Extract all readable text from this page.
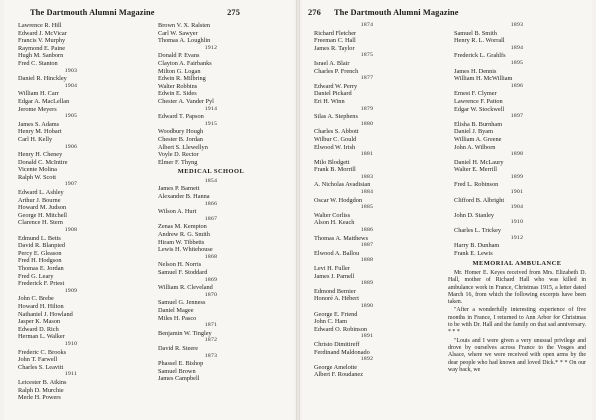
The Dartmouth Alumni Magazine	275
Lawrence R. Hill
Edward J. McVicar
Francis V. Murphy
Raymond E. Paine
Hugh M. Sanborn
Fred C. Stanton
1903
Daniel R. Hinckley
1904
William H. Carr
Edgar A. MacLellan
Jerome Meyers
1905
James S. Adams
Henry M. Hobart
Carl H. Kelly
1906
Henry H. Cheney
Donald C. McIntire
Vicente Molina
Ralph W. Scott
1907
Edward L. Ashley
Arthur J. Bourne
Howard M. Judson
George H. Mitchell
Clarence H. Stern
1908
Edmund L. Betts
David R. Blanpied
Percy E. Gleason
Fred H. Hodgson
Thomas E. Jordan
Fred G. Leary
Frederick F. Priest
1909
John C. Brebe
Howard H. Hilton
Nathaniel J. Howland
Jasper K. Mason
Edward D. Rich
Herman L. Walker
1910
Frederic C. Brooks
John T. Farwell
Charles S. Leavitt
1911
Leicester B. Atkins
Ralph D. Murchie
Merle H. Powers
Brown V. X. Ralsten
Carl W. Sawyer
Thomas A. Loughlin
1912
Donald P. Evans
Clayton A. Fairbanks
Milton G. Logan
Edwin R. Milbring
Walter Robbins
Edwin E. Sides
Chester A. Vander Pyl
1914
Edward T. Papson
1915
Woodbury Hough
Chester B. Jordan
Albert S. Llewellyn
Voyle D. Rector
Elmer F. Thyng
MEDICAL SCHOOL
1854
James P. Barnett
Alexander B. Hanna
1866
Wilson A. Hurt
1867
Zenas M. Kempton
Andrew R. G. Smith
Hiram W. Tibbetts
Lewis H. Whitehouse
1868
Nelson H. Norris
Samuel F. Stoddard
1869
William R. Cleveland
1870
Samuel G. Jenness
Daniel Magee
Miles H. Pasco
1871
Benjamin W. Tingley
1872
David R. Steere
1873
Phassel E. Bishop
Samuel Brown
James Campbell
276 The Dartmouth Alumni Magazine
1874
Richard Fletcher
Freeman C. Hall
James R. Taylor
1875
Israel A. Blair
Charles P. French
1877
Edward W. Perry
Daniel Pickard
Eri H. Winn
1879
Silas A. Stephens
1880
Charles S. Abbott
Wilbur C. Gould
Elwood W. Irish
1881
Milo Blodgett
Frank B. Morrill
1883
A. Nicholas Avadisian
1884
Oscar W. Hodgdon
1885
Walter Corliss
Alson H. Keach
1886
Thomas A. Matthews
1887
Elwood A. Ballou
1888
Levi H. Fuller
James J. Parnell
1889
Edmond Bernier
Honoré A. Hébert
1890
George E. Friend
John C. Ham
Edward O. Robinson
1891
Christo Dimitireff
Ferdinand Maldonado
1892
George Amelotte
Albert F. Roudanez
1893
Samuel B. Smith
Henry R. L. Worrall
1894
Frederick L. Grahlfs
1895
James H. Dennis
William H. McWilliam
1896
Ernest F. Clymer
Lawrence F. Patton
Edgar W. Stockwell
1897
Elisha B. Burnham
Daniel J. Byam
William A. Greene
John A. Wilborn
1898
Daniel H. McLaury
Walter E. Merrill
1899
Fred L. Robinson
1901
Clifford B. Albright
1904
John D. Stanley
1910
Charles L. Trickey
1912
Harry B. Dunham
Frank E. Lewis
MEMORIAL AMBULANCE

Mr. Homer E. Keyes received from Mrs. Elizabeth D. Hall, mother of Richard Hall who was killed in ambulance work in France, Christmas 1915, a letter dated March 16, from which the following excerpts have been taken.

"After a wonderfully interesting experience of five months in France, I returned to Ann Arbor for Christmas to be with Dr. Hall and the family on that sad anniversary. * * *

"Louis and I were given a very unusual privilege and drove by ourselves across France to the Vosges and Alsace, where we were received with open arms by the dear people who had known and loved Dick.* * * On our way back, we
